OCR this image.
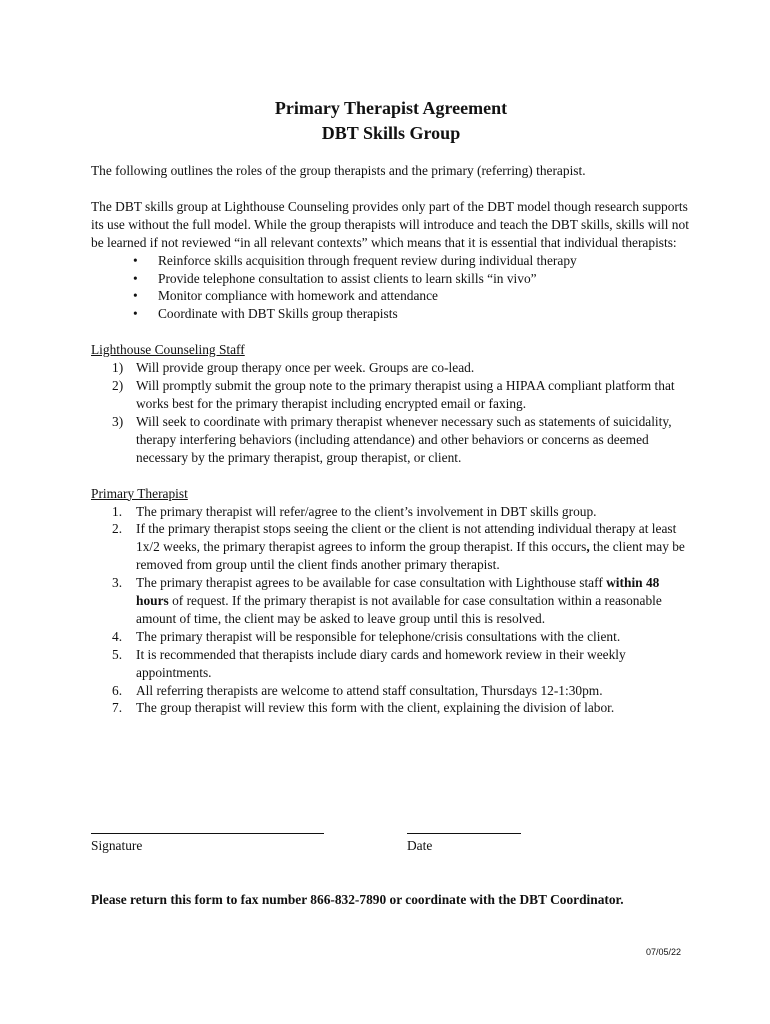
Primary Therapist Agreement

DBT Skills Group

The following outlines the roles of the group therapists and the primary (referring) therapist.

The DBT skills group at Lighthouse Counseling provides only part of the DBT model though research supports its use without the full model. While the group therapists will introduce and teach the DBT skills, skills will not be learned if not reviewed “in all relevant contexts” which means that it is essential that individual therapists:

• Reinforce skills acquisition through frequent review during individual therapy
• Provide telephone consultation to assist clients to learn skills “in vivo”
• Monitor compliance with homework and attendance
• Coordinate with DBT Skills group therapists

Lighthouse Counseling Staff

1) Will provide group therapy once per week. Groups are co-lead.
2) Will promptly submit the group note to the primary therapist using a HIPAA compliant platform that works best for the primary therapist including encrypted email or faxing.
3) Will seek to coordinate with primary therapist whenever necessary such as statements of suicidality, therapy interfering behaviors (including attendance) and other behaviors or concerns as deemed necessary by the primary therapist, group therapist, or client.

Primary Therapist

1. The primary therapist will refer/agree to the client’s involvement in DBT skills group.
2. If the primary therapist stops seeing the client or the client is not attending individual therapy at least 1x/2 weeks, the primary therapist agrees to inform the group therapist. If this occurs, the client may be removed from group until the client finds another primary therapist.
3. The primary therapist agrees to be available for case consultation with Lighthouse staff within 48 hours of request. If the primary therapist is not available for case consultation within a reasonable amount of time, the client may be asked to leave group until this is resolved.
4. The primary therapist will be responsible for telephone/crisis consultations with the client.
5. It is recommended that therapists include diary cards and homework review in their weekly appointments.
6. All referring therapists are welcome to attend staff consultation, Thursdays 12-1:30pm.
7. The group therapist will review this form with the client, explaining the division of labor.
Signature	Date

Please return this form to fax number 866-832-7890 or coordinate with the DBT Coordinator.

07/05/22
